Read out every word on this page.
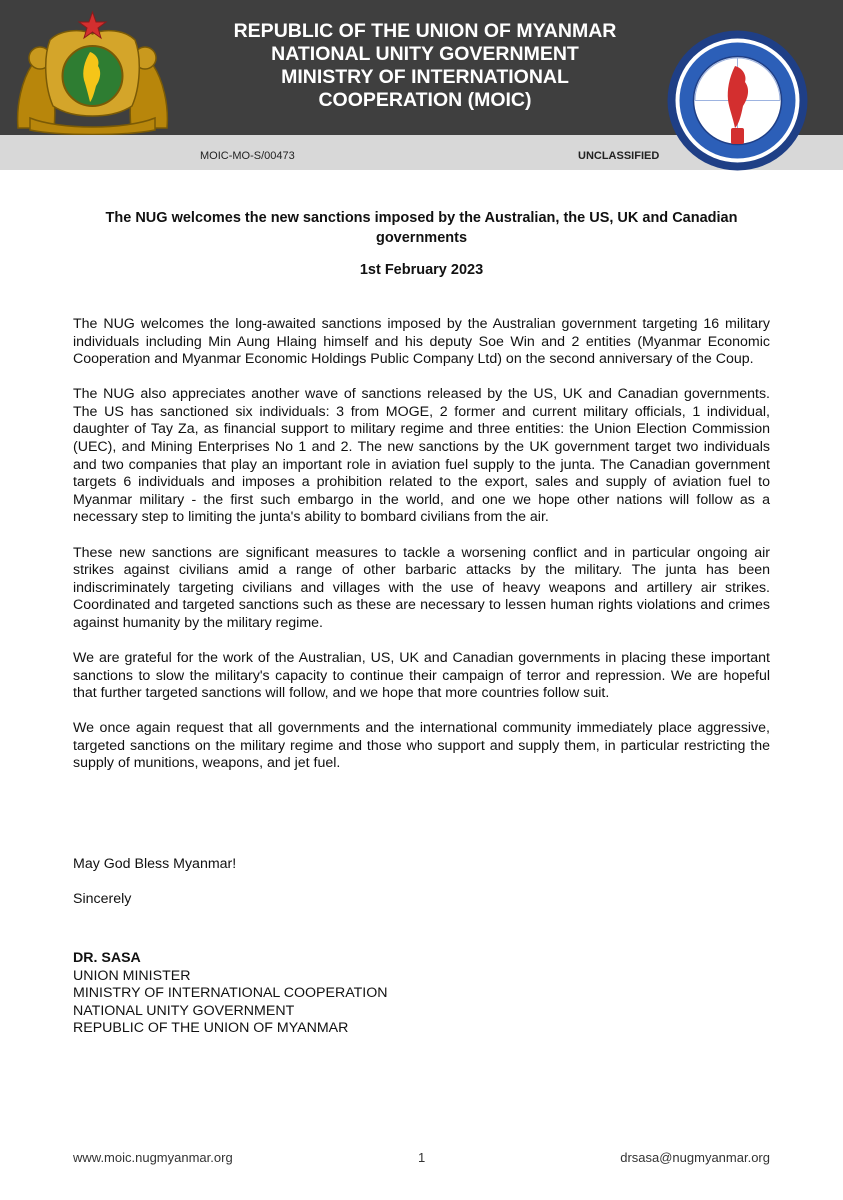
REPUBLIC OF THE UNION OF MYANMAR
NATIONAL UNITY GOVERNMENT
MINISTRY OF INTERNATIONAL
COOPERATION (MOIC)
MOIC-MO-S/00473	UNCLASSIFIED
The NUG welcomes the new sanctions imposed by the Australian, the US, UK and Canadian governments
1st February 2023

The NUG welcomes the long-awaited sanctions imposed by the Australian government targeting 16 military individuals including Min Aung Hlaing himself and his deputy Soe Win and 2 entities (Myanmar Economic Cooperation and Myanmar Economic Holdings Public Company Ltd) on the second anniversary of the Coup.

The NUG also appreciates another wave of sanctions released by the US, UK and Canadian governments. The US has sanctioned six individuals: 3 from MOGE, 2 former and current military officials, 1 individual, daughter of Tay Za, as financial support to military regime and three entities: the Union Election Commission (UEC), and Mining Enterprises No 1 and 2. The new sanctions by the UK government target two individuals and two companies that play an important role in aviation fuel supply to the junta. The Canadian government targets 6 individuals and imposes a prohibition related to the export, sales and supply of aviation fuel to Myanmar military - the first such embargo in the world, and one we hope other nations will follow as a necessary step to limiting the junta's ability to bombard civilians from the air.

These new sanctions are significant measures to tackle a worsening conflict and in particular ongoing air strikes against civilians amid a range of other barbaric attacks by the military. The junta has been indiscriminately targeting civilians and villages with the use of heavy weapons and artillery air strikes. Coordinated and targeted sanctions such as these are necessary to lessen human rights violations and crimes against humanity by the military regime.

We are grateful for the work of the Australian, US, UK and Canadian governments in placing these important sanctions to slow the military's capacity to continue their campaign of terror and repression. We are hopeful that further targeted sanctions will follow, and we hope that more countries follow suit.

We once again request that all governments and the international community immediately place aggressive, targeted sanctions on the military regime and those who support and supply them, in particular restricting the supply of munitions, weapons, and jet fuel.

May God Bless Myanmar!

Sincerely

DR. SASA
UNION MINISTER
MINISTRY OF INTERNATIONAL COOPERATION
NATIONAL UNITY GOVERNMENT
REPUBLIC OF THE UNION OF MYANMAR
www.moic.nugmyanmar.org	1	drsasa@nugmyanmar.org
